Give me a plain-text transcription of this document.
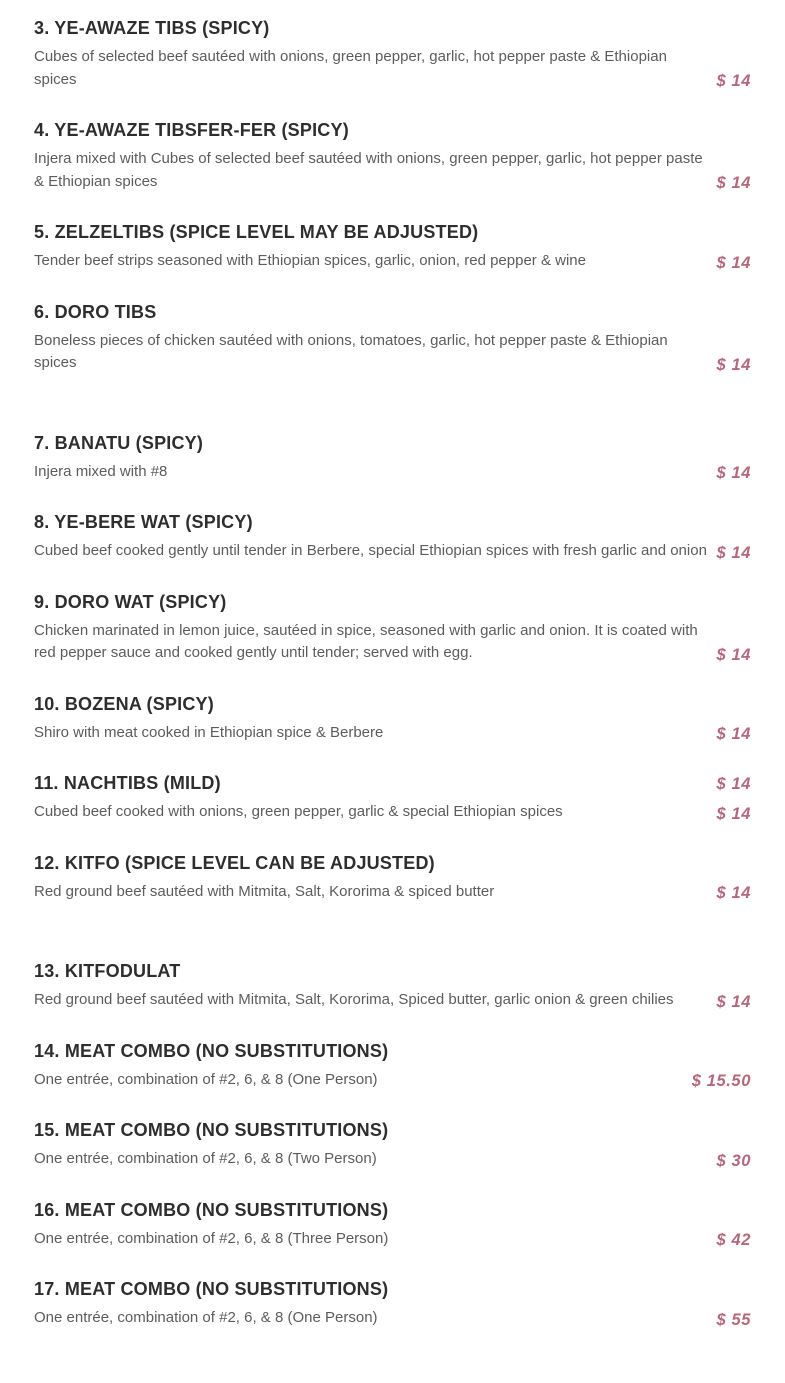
3. YE-AWAZE TIBS (SPICY)

Cubes of selected beef sautéed with onions, green pepper, garlic, hot pepper paste & Ethiopian spices	$ 14
4. YE-AWAZE TIBSFER-FER (SPICY)

Injera mixed with Cubes of selected beef sautéed with onions, green pepper, garlic, hot pepper paste & Ethiopian spices	$ 14
5. ZELZELTIBS (SPICE LEVEL MAY BE ADJUSTED)

Tender beef strips seasoned with Ethiopian spices, garlic, onion, red pepper & wine	$ 14
6. DORO TIBS

Boneless pieces of chicken sautéed with onions, tomatoes, garlic, hot pepper paste & Ethiopian spices	$ 14
7. BANATU (SPICY)

Injera mixed with #8	$ 14
8. YE-BERE WAT (SPICY)

Cubed beef cooked gently until tender in Berbere, special Ethiopian spices with fresh garlic and onion $ 14
9. DORO WAT (SPICY)

Chicken marinated in lemon juice, sautéed in spice, seasoned with garlic and onion. It is coated with red pepper sauce and cooked gently until tender; served with egg.	$ 14
10. BOZENA (SPICY)

Shiro with meat cooked in Ethiopian spice & Berbere	$ 14
11. NACHTIBS (MILD)	$ 14

Cubed beef cooked with onions, green pepper, garlic & special Ethiopian spices	$ 14
12. KITFO (SPICE LEVEL CAN BE ADJUSTED)

Red ground beef sautéed with Mitmita, Salt, Kororima & spiced butter	$ 14
13. KITFODULAT

Red ground beef sautéed with Mitmita, Salt, Kororima, Spiced butter, garlic onion & green chilies	$ 14
14. MEAT COMBO (NO SUBSTITUTIONS)

One entrée, combination of #2, 6, & 8 (One Person)	$ 15.50
15. MEAT COMBO (NO SUBSTITUTIONS)

One entrée, combination of #2, 6, & 8 (Two Person)	$ 30
16. MEAT COMBO (NO SUBSTITUTIONS)

One entrée, combination of #2, 6, & 8 (Three Person)	$ 42
17. MEAT COMBO (NO SUBSTITUTIONS)

One entrée, combination of #2, 6, & 8 (One Person)	$ 55
